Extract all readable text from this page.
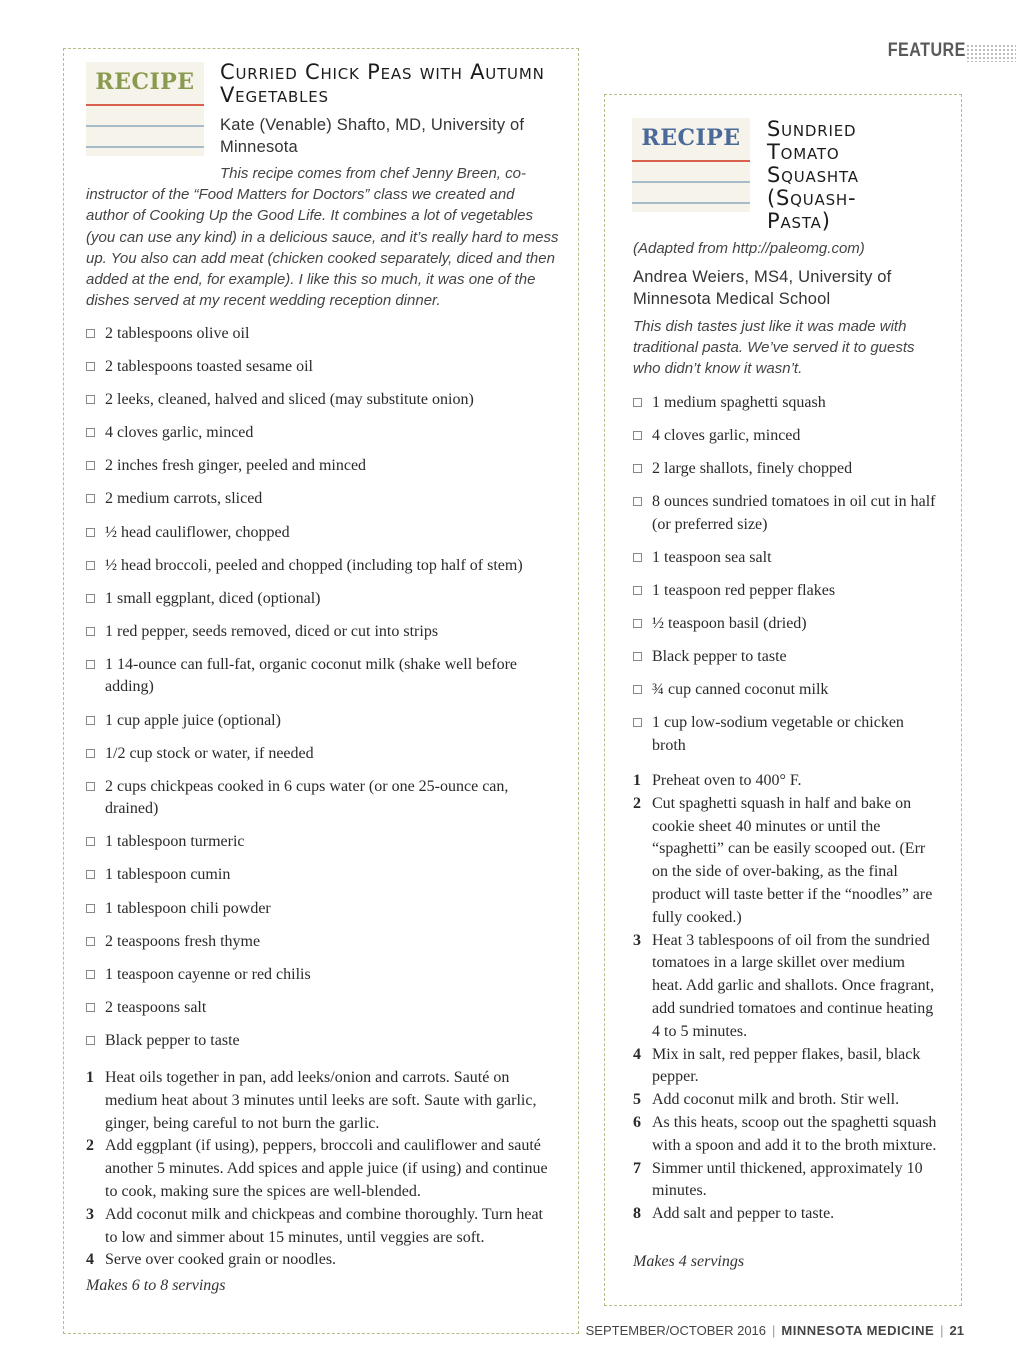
FEATURE
RECIPE	Curried Chick Peas with Autumn Vegetables
Kate (Venable) Shafto, MD, University of Minnesota
This recipe comes from chef Jenny Breen, co-instructor of the “Food Matters for Doctors” class we created and author of Cooking Up the Good Life. It combines a lot of vegetables (you can use any kind) in a delicious sauce, and it’s really hard to mess up. You also can add meat (chicken cooked separately, diced and then added at the end, for example). I like this so much, it was one of the dishes served at my recent wedding reception dinner.
2 tablespoons olive oil
2 tablespoons toasted sesame oil
2 leeks, cleaned, halved and sliced (may substitute onion)
4 cloves garlic, minced
2 inches fresh ginger, peeled and minced
2 medium carrots, sliced
½ head cauliflower, chopped
½ head broccoli, peeled and chopped (including top half of stem)
1 small eggplant, diced (optional)
1 red pepper, seeds removed, diced or cut into strips
1 14-ounce can full-fat, organic coconut milk (shake well before adding)
1 cup apple juice (optional)
1/2 cup stock or water, if needed
2 cups chickpeas cooked in 6 cups water (or one 25-ounce can, drained)
1 tablespoon turmeric
1 tablespoon cumin
1 tablespoon chili powder
2 teaspoons fresh thyme
1 teaspoon cayenne or red chilis
2 teaspoons salt
Black pepper to taste
1 Heat oils together in pan, add leeks/onion and carrots. Sauté on medium heat about 3 minutes until leeks are soft. Saute with garlic, ginger, being careful to not burn the garlic.
2 Add eggplant (if using), peppers, broccoli and cauliflower and sauté another 5 minutes. Add spices and apple juice (if using) and continue to cook, making sure the spices are well-blended.
3 Add coconut milk and chickpeas and combine thoroughly. Turn heat to low and simmer about 15 minutes, until veggies are soft.
4 Serve over cooked grain or noodles.
Makes 6 to 8 servings
RECIPE	Sundried Tomato Squashta (Squash-Pasta)
(Adapted from http://paleomg.com)
Andrea Weiers, MS4, University of Minnesota Medical School
This dish tastes just like it was made with traditional pasta. We’ve served it to guests who didn’t know it wasn’t.
1 medium spaghetti squash
4 cloves garlic, minced
2 large shallots, finely chopped
8 ounces sundried tomatoes in oil cut in half (or preferred size)
1 teaspoon sea salt
1 teaspoon red pepper flakes
½ teaspoon basil (dried)
Black pepper to taste
¾ cup canned coconut milk
1 cup low-sodium vegetable or chicken broth
1 Preheat oven to 400° F.
2 Cut spaghetti squash in half and bake on cookie sheet 40 minutes or until the “spaghetti” can be easily scooped out. (Err on the side of over-baking, as the final product will taste better if the “noodles” are fully cooked.)
3 Heat 3 tablespoons of oil from the sundried tomatoes in a large skillet over medium heat. Add garlic and shallots. Once fragrant, add sundried tomatoes and continue heating 4 to 5 minutes.
4 Mix in salt, red pepper flakes, basil, black pepper.
5 Add coconut milk and broth. Stir well.
6 As this heats, scoop out the spaghetti squash with a spoon and add it to the broth mixture.
7 Simmer until thickened, approximately 10 minutes.
8 Add salt and pepper to taste.
Makes 4 servings
SEPTEMBER/OCTOBER 2016 | MINNESOTA MEDICINE | 21
